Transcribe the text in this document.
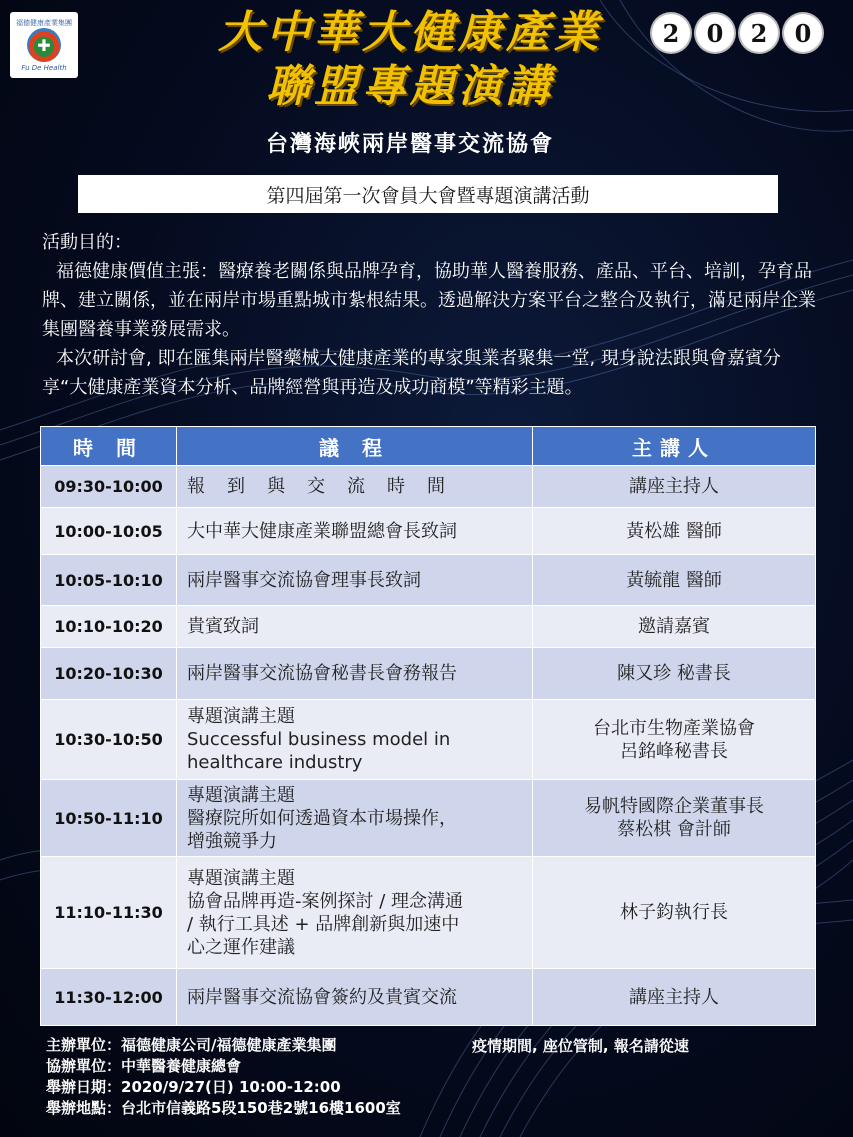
福德健康產業集團
✚
Fu De Health
大中華大健康產業
聯盟專題演講
2	0	2	0
台灣海峽兩岸醫事交流協會
第四屆第一次會員大會暨專題演講活動

活動目的：

福德健康價值主張：醫療養老關係與品牌孕育，協助華人醫養服務、產品、平台、培訓，孕育品牌、建立關係，並在兩岸市場重點城市紮根結果。透過解決方案平台之整合及執行，滿足兩岸企業集團醫養事業發展需求。

本次研討會, 即在匯集兩岸醫藥械大健康產業的專家與業者聚集一堂, 現身說法跟與會嘉賓分享“大健康產業資本分析、品牌經營與再造及成功商模”等精彩主題。

時 間	議 程	主講人
09:30-10:00	報到與交流時間	講座主持人

10:00-10:05	大中華大健康產業聯盟總會長致詞	黃松雄 醫師

10:05-10:10	兩岸醫事交流協會理事長致詞	黃毓龍 醫師

10:10-10:20	貴賓致詞	邀請嘉賓

10:20-10:30	兩岸醫事交流協會秘書長會務報告	陳又珍 秘書長

10:30-10:50	專題演講主題
Successful business model in
healthcare industry	台北市生物產業協會
呂銘峰秘書長

10:50-11:10	專題演講主題
醫療院所如何透過資本市場操作，
增強競爭力	易帆特國際企業董事長
蔡松棋 會計師

11:10-11:30	專題演講主題
協會品牌再造-案例探討 / 理念溝通
/ 執行工具述 + 品牌創新與加速中
心之運作建議	林子鈞執行長

11:30-12:00	兩岸醫事交流協會簽約及貴賓交流	講座主持人
主辦單位：福德健康公司/福德健康產業集團
協辦單位：中華醫養健康總會
舉辦日期：2020/9/27(日) 10:00-12:00
舉辦地點：台北市信義路5段150巷2號16樓1600室
疫情期間, 座位管制, 報名請從速
